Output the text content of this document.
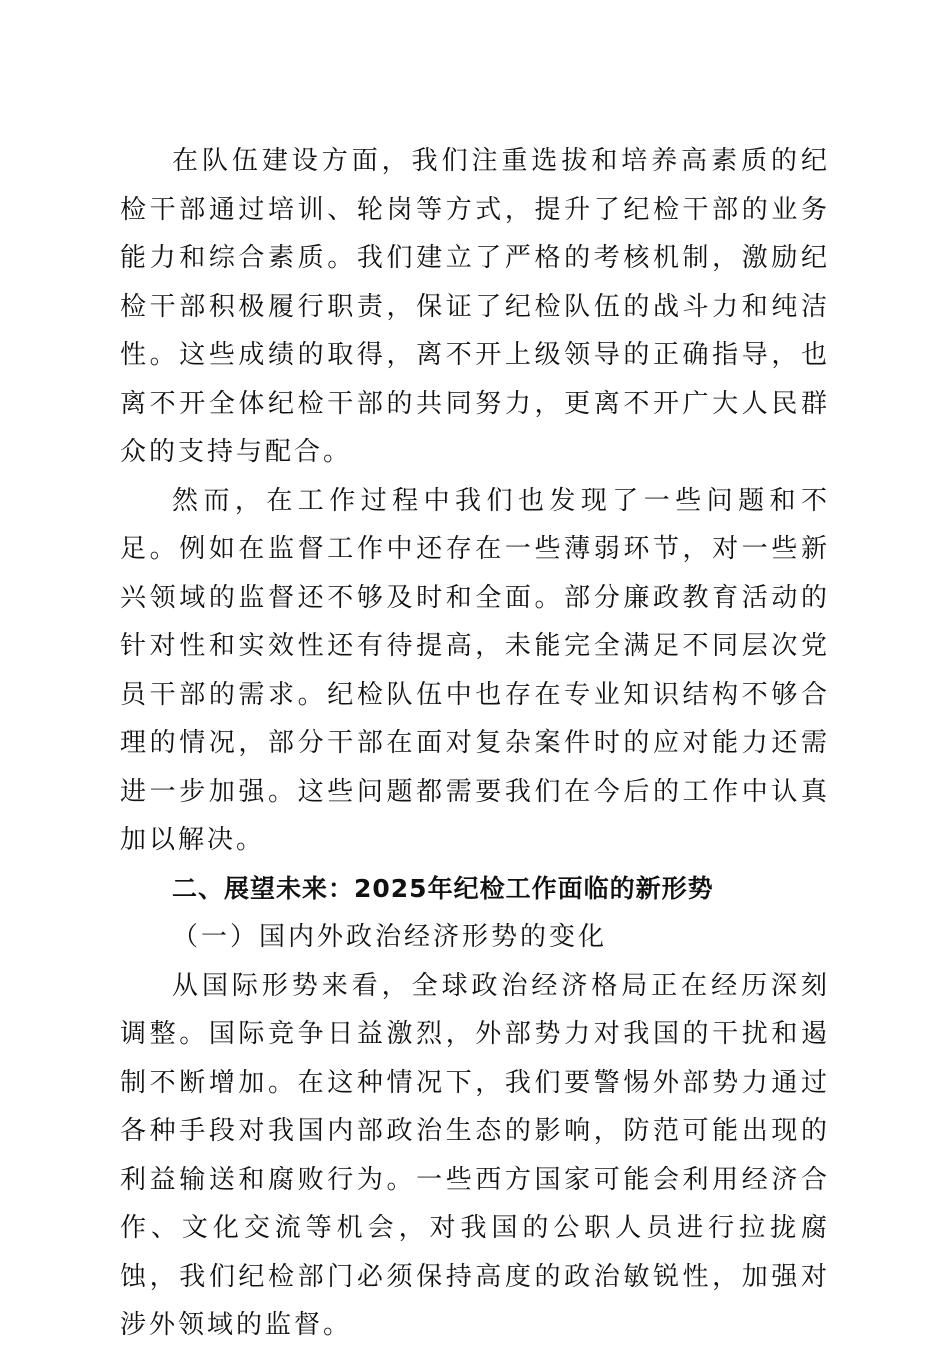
在队伍建设方面，我们注重选拔和培养高素质的纪检干部通过培训、轮岗等方式，提升了纪检干部的业务能力和综合素质。我们建立了严格的考核机制，激励纪检干部积极履行职责，保证了纪检队伍的战斗力和纯洁性。这些成绩的取得，离不开上级领导的正确指导，也离不开全体纪检干部的共同努力，更离不开广大人民群众的支持与配合。

然而，在工作过程中我们也发现了一些问题和不足。例如在监督工作中还存在一些薄弱环节，对一些新兴领域的监督还不够及时和全面。部分廉政教育活动的针对性和实效性还有待提高，未能完全满足不同层次党员干部的需求。纪检队伍中也存在专业知识结构不够合理的情况，部分干部在面对复杂案件时的应对能力还需进一步加强。这些问题都需要我们在今后的工作中认真加以解决。

二、展望未来：2025年纪检工作面临的新形势

（一）国内外政治经济形势的变化

从国际形势来看，全球政治经济格局正在经历深刻调整。国际竞争日益激烈，外部势力对我国的干扰和遏制不断增加。在这种情况下，我们要警惕外部势力通过各种手段对我国内部政治生态的影响，防范可能出现的利益输送和腐败行为。一些西方国家可能会利用经济合作、文化交流等机会，对我国的公职人员进行拉拢腐蚀，我们纪检部门必须保持高度的政治敏锐性，加强对涉外领域的监督。
